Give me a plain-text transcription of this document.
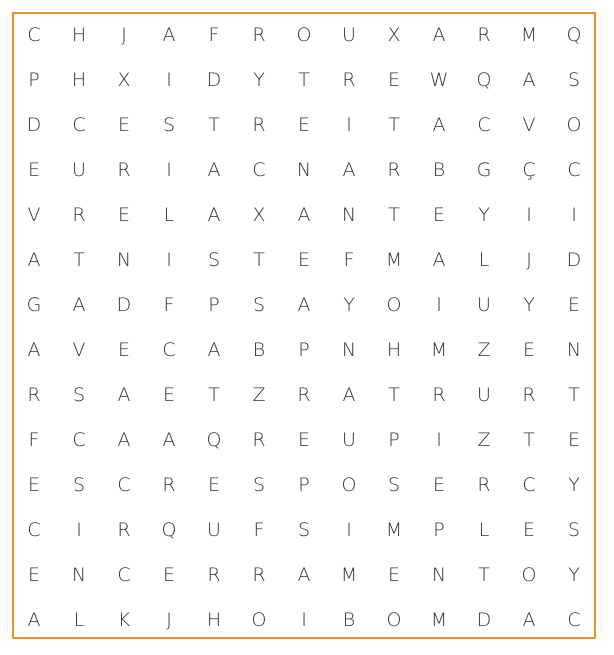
C	H	J	A	F	R	O	U	X	A	R	M	Q
P	H	X	I	D	Y	T	R	E	W	Q	A	S
D	C	E	S	T	R	E	I	T	A	C	V	O
E	U	R	I	A	C	N	A	R	B	G	Ç	C
V	R	E	L	A	X	A	N	T	E	Y	I	I
A	T	N	I	S	T	E	F	M	A	L	J	D
G	A	D	F	P	S	A	Y	O	I	U	Y	E
A	V	E	C	A	B	P	N	H	M	Z	E	N
R	S	A	E	T	Z	R	A	T	R	U	R	T
F	C	A	A	Q	R	E	U	P	I	Z	T	E
E	S	C	R	E	S	P	O	S	E	R	C	Y
C	I	R	Q	U	F	S	I	M	P	L	E	S
E	N	C	E	R	R	A	M	E	N	T	O	Y
A	L	K	J	H	O	I	B	O	M	D	A	C
